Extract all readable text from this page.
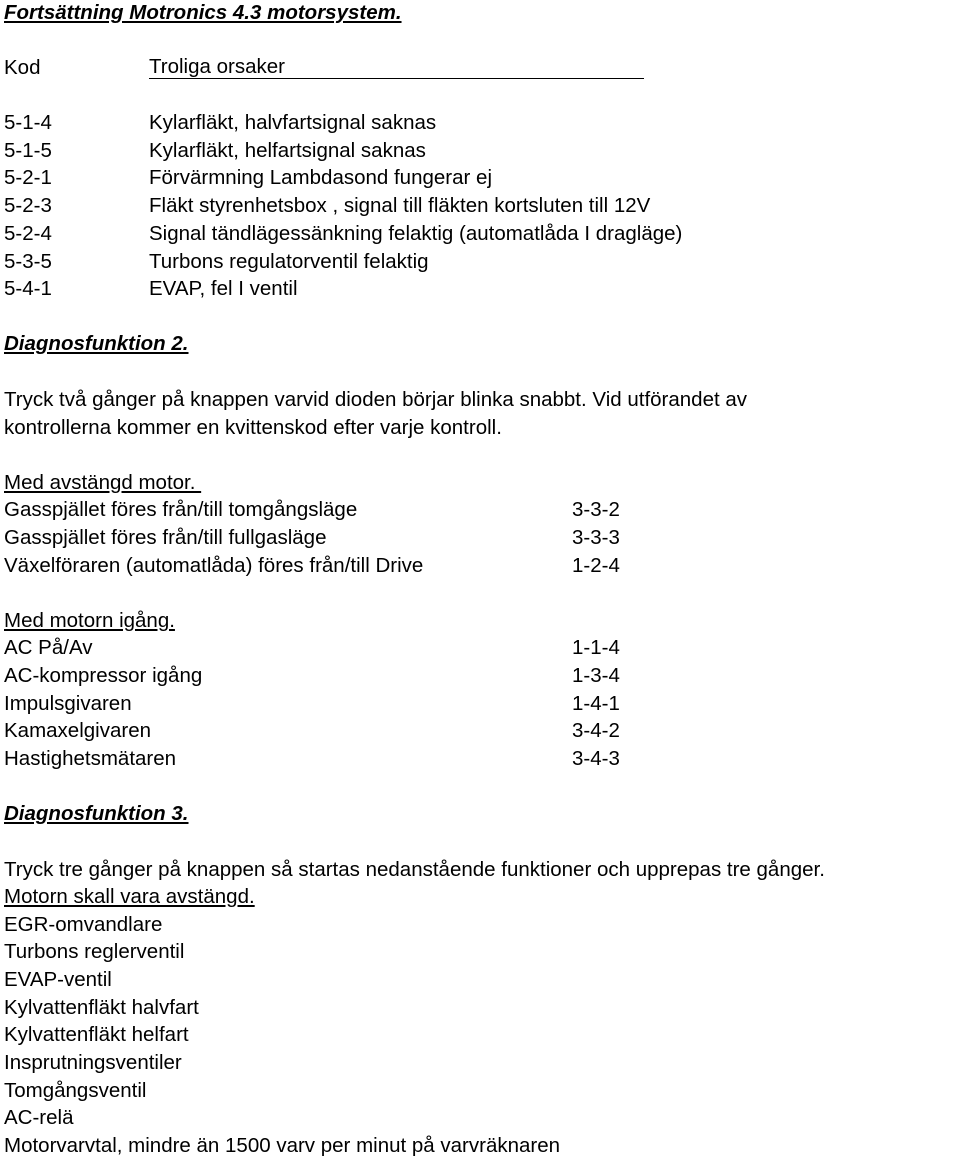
Fortsättning Motronics 4.3 motorsystem.
Kod	Troliga orsaker
5-1-4	Kylarfläkt, halvfartsignal saknas
5-1-5	Kylarfläkt, helfartsignal saknas
5-2-1	Förvärmning Lambdasond fungerar ej
5-2-3	Fläkt styrenhetsbox , signal till fläkten kortsluten till 12V
5-2-4	Signal tändlägessänkning felaktig (automatlåda I dragläge)
5-3-5	Turbons regulatorventil felaktig
5-4-1	EVAP, fel I ventil
Diagnosfunktion 2.
Tryck två gånger på knappen varvid dioden börjar blinka snabbt. Vid utförandet av
kontrollerna kommer en kvittenskod efter varje kontroll.
Med avstängd motor.
Gasspjället föres från/till tomgångsläge	3-3-2
Gasspjället föres från/till fullgasläge	3-3-3
Växelföraren (automatlåda) föres från/till Drive	1-2-4
Med motorn igång.
AC På/Av	1-1-4
AC-kompressor igång	1-3-4
Impulsgivaren	1-4-1
Kamaxelgivaren	3-4-2
Hastighetsmätaren	3-4-3
Diagnosfunktion 3.
Tryck tre gånger på knappen så startas nedanstående funktioner och upprepas tre gånger.
Motorn skall vara avstängd.
EGR-omvandlare
Turbons reglerventil
EVAP-ventil
Kylvattenfläkt halvfart
Kylvattenfläkt helfart
Insprutningsventiler
Tomgångsventil
AC-relä
Motorvarvtal, mindre än 1500 varv per minut på varvräknaren
